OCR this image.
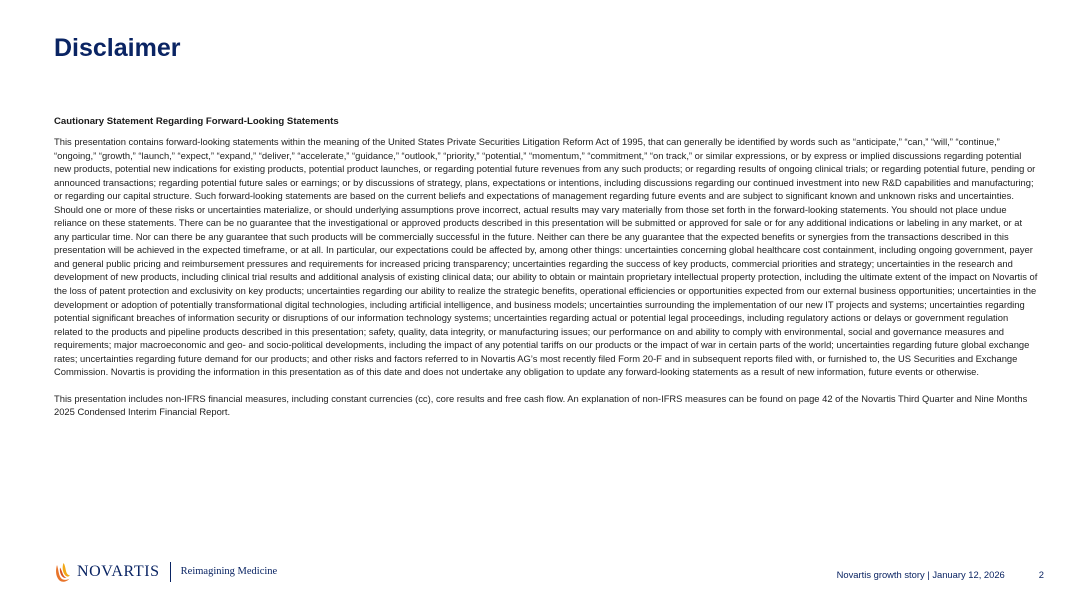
Disclaimer
Cautionary Statement Regarding Forward-Looking Statements

This presentation contains forward-looking statements within the meaning of the United States Private Securities Litigation Reform Act of 1995, that can generally be identified by words such as “anticipate,” “can,” “will,” “continue,” “ongoing,” “growth,” “launch,” “expect,” “expand,” “deliver,” “accelerate,” “guidance,” “outlook,” “priority,” “potential,” “momentum,” “commitment,” “on track,” or similar expressions, or by express or implied discussions regarding potential new products, potential new indications for existing products, potential product launches, or regarding potential future revenues from any such products; or regarding results of ongoing clinical trials; or regarding potential future, pending or announced transactions; regarding potential future sales or earnings; or by discussions of strategy, plans, expectations or intentions, including discussions regarding our continued investment into new R&D capabilities and manufacturing; or regarding our capital structure. Such forward-looking statements are based on the current beliefs and expectations of management regarding future events and are subject to significant known and unknown risks and uncertainties. Should one or more of these risks or uncertainties materialize, or should underlying assumptions prove incorrect, actual results may vary materially from those set forth in the forward-looking statements. You should not place undue reliance on these statements. There can be no guarantee that the investigational or approved products described in this presentation will be submitted or approved for sale or for any additional indications or labeling in any market, or at any particular time. Nor can there be any guarantee that such products will be commercially successful in the future. Neither can there be any guarantee that the expected benefits or synergies from the transactions described in this presentation will be achieved in the expected timeframe, or at all. In particular, our expectations could be affected by, among other things: uncertainties concerning global healthcare cost containment, including ongoing government, payer and general public pricing and reimbursement pressures and requirements for increased pricing transparency; uncertainties regarding the success of key products, commercial priorities and strategy; uncertainties in the research and development of new products, including clinical trial results and additional analysis of existing clinical data; our ability to obtain or maintain proprietary intellectual property protection, including the ultimate extent of the impact on Novartis of the loss of patent protection and exclusivity on key products; uncertainties regarding our ability to realize the strategic benefits, operational efficiencies or opportunities expected from our external business opportunities; uncertainties in the development or adoption of potentially transformational digital technologies, including artificial intelligence, and business models; uncertainties surrounding the implementation of our new IT projects and systems; uncertainties regarding potential significant breaches of information security or disruptions of our information technology systems; uncertainties regarding actual or potential legal proceedings, including regulatory actions or delays or government regulation related to the products and pipeline products described in this presentation; safety, quality, data integrity, or manufacturing issues; our performance on and ability to comply with environmental, social and governance measures and requirements; major macroeconomic and geo- and socio-political developments, including the impact of any potential tariffs on our products or the impact of war in certain parts of the world; uncertainties regarding future global exchange rates; uncertainties regarding future demand for our products; and other risks and factors referred to in Novartis AG’s most recently filed Form 20-F and in subsequent reports filed with, or furnished to, the US Securities and Exchange Commission. Novartis is providing the information in this presentation as of this date and does not undertake any obligation to update any forward-looking statements as a result of new information, future events or otherwise.

This presentation includes non-IFRS financial measures, including constant currencies (cc), core results and free cash flow. An explanation of non-IFRS measures can be found on page 42 of the Novartis Third Quarter and Nine Months 2025 Condensed Interim Financial Report.

NOVARTIS Reimagining Medicine	Novartis growth story | January 12, 2026	2
